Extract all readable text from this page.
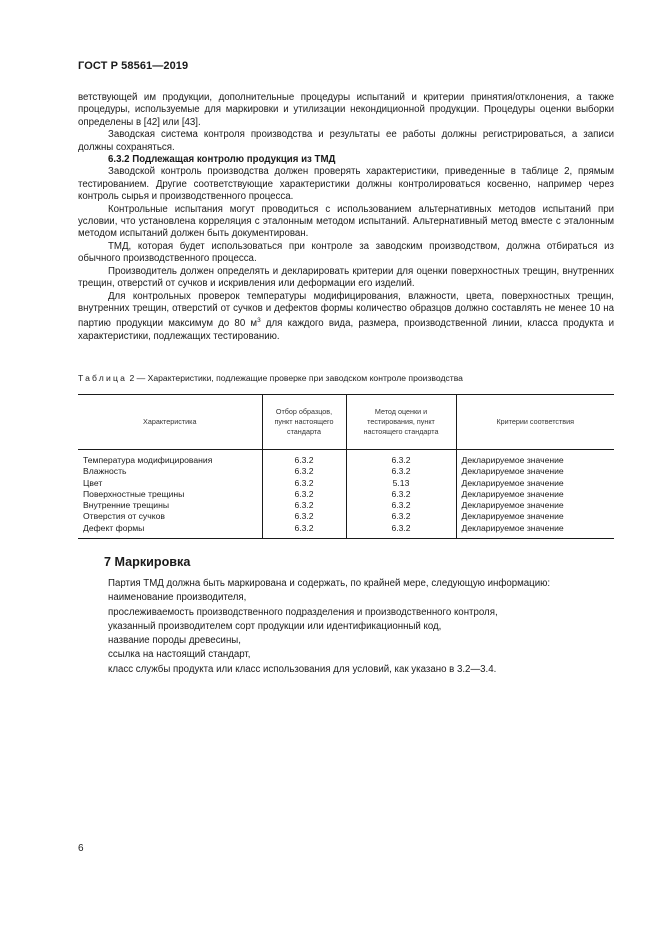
ГОСТ Р 58561—2019

ветствующей им продукции, дополнительные процедуры испытаний и критерии принятия/отклонения, а также процедуры, используемые для маркировки и утилизации некондиционной продукции. Процедуры оценки выборки определены в [42] или [43].

Заводская система контроля производства и результаты ее работы должны регистрироваться, а записи должны сохраняться.

6.3.2 Подлежащая контролю продукция из ТМД

Заводской контроль производства должен проверять характеристики, приведенные в таблице 2, прямым тестированием. Другие соответствующие характеристики должны контролироваться косвенно, например через контроль сырья и производственного процесса.

Контрольные испытания могут проводиться с использованием альтернативных методов испытаний при условии, что установлена корреляция с эталонным методом испытаний. Альтернативный метод вместе с эталонным методом испытаний должен быть документирован.

ТМД, которая будет использоваться при контроле за заводским производством, должна отбираться из обычного производственного процесса.

Производитель должен определять и декларировать критерии для оценки поверхностных трещин, внутренних трещин, отверстий от сучков и искривления или деформации его изделий.

Для контрольных проверок температуры модифицирования, влажности, цвета, поверхностных трещин, внутренних трещин, отверстий от сучков и дефектов формы количество образцов должно составлять не менее 10 на партию продукции максимум до 80 $м^3$ для каждого вида, размера, производственной линии, класса продукта и характеристики, подлежащих тестированию.

Таблица 2 — Характеристики, подлежащие проверке при заводском контроле производства
Характеристика	Отбор образцов, пункт настоящего стандарта	Метод оценки и тестирования, пункт настоящего стандарта	Критерии соответствия
Температура модифицирования	6.3.2	6.3.2	Декларируемое значение
Влажность	6.3.2	6.3.2	Декларируемое значение
Цвет	6.3.2	5.13	Декларируемое значение
Поверхностные трещины	6.3.2	6.3.2	Декларируемое значение
Внутренние трещины	6.3.2	6.3.2	Декларируемое значение
Отверстия от сучков	6.3.2	6.3.2	Декларируемое значение
Дефект формы	6.3.2	6.3.2	Декларируемое значение
7 Маркировка

Партия ТМД должна быть маркирована и содержать, по крайней мере, следующую информацию:

наименование производителя,

прослеживаемость производственного подразделения и производственного контроля,

указанный производителем сорт продукции или идентификационный код,

название породы древесины,

ссылка на настоящий стандарт,

класс службы продукта или класс использования для условий, как указано в 3.2—3.4.

6
